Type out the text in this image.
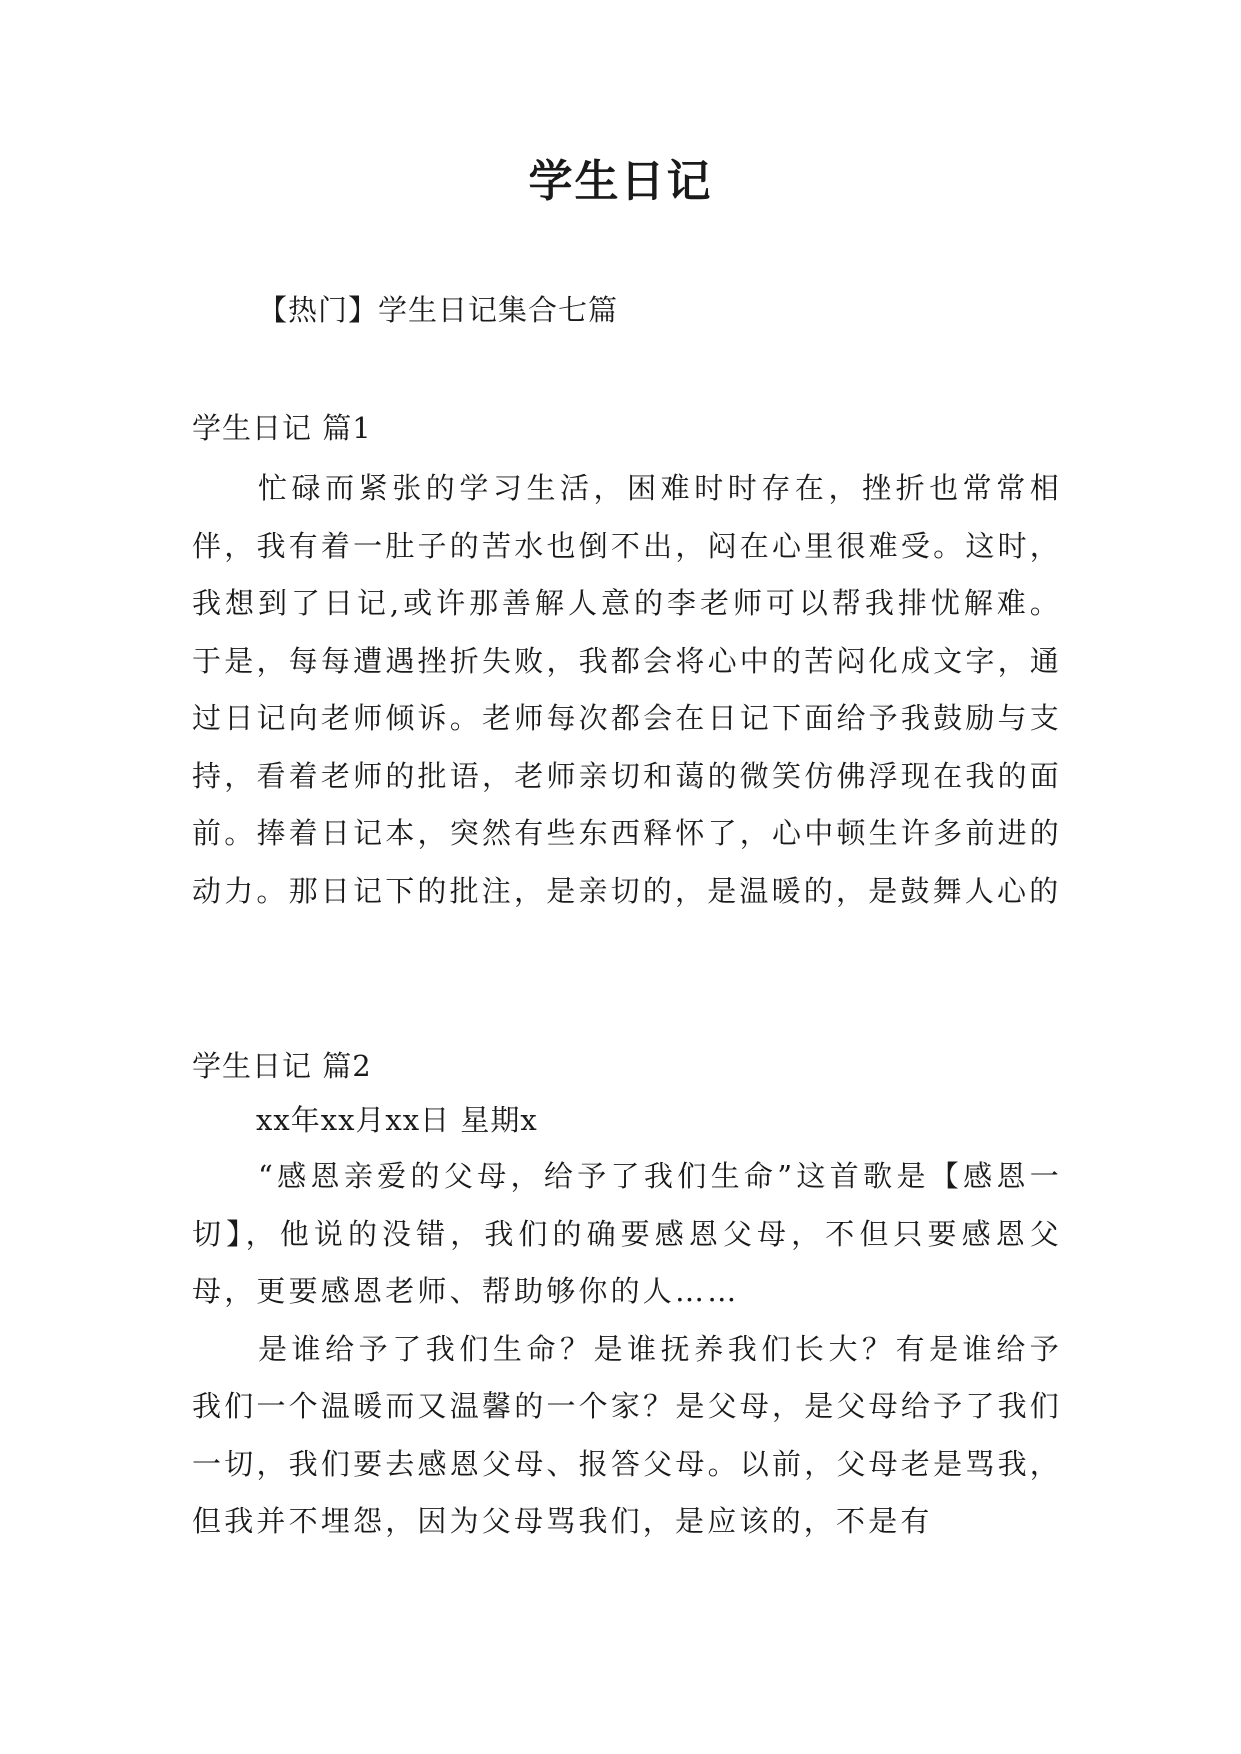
学生日记

【热门】学生日记集合七篇

学生日记 篇1

忙碌而紧张的学习生活，困难时时存在，挫折也常常相伴，我有着一肚子的苦水也倒不出，闷在心里很难受。这时，我想到了日记,或许那善解人意的李老师可以帮我排忧解难。于是，每每遭遇挫折失败，我都会将心中的苦闷化成文字，通过日记向老师倾诉。老师每次都会在日记下面给予我鼓励与支持，看着老师的批语，老师亲切和蔼的微笑仿佛浮现在我的面前。捧着日记本，突然有些东西释怀了，心中顿生许多前进的动力。那日记下的批注，是亲切的，是温暖的，是鼓舞人心的

学生日记 篇2

xx年xx月xx日 星期x

“感恩亲爱的父母，给予了我们生命”这首歌是【感恩一切】，他说的没错，我们的确要感恩父母，不但只要感恩父母，更要感恩老师、帮助够你的人……

是谁给予了我们生命？是谁抚养我们长大？有是谁给予我们一个温暖而又温馨的一个家？是父母，是父母给予了我们一切，我们要去感恩父母、报答父母。以前，父母老是骂我，但我并不埋怨，因为父母骂我们，是应该的，不是有
